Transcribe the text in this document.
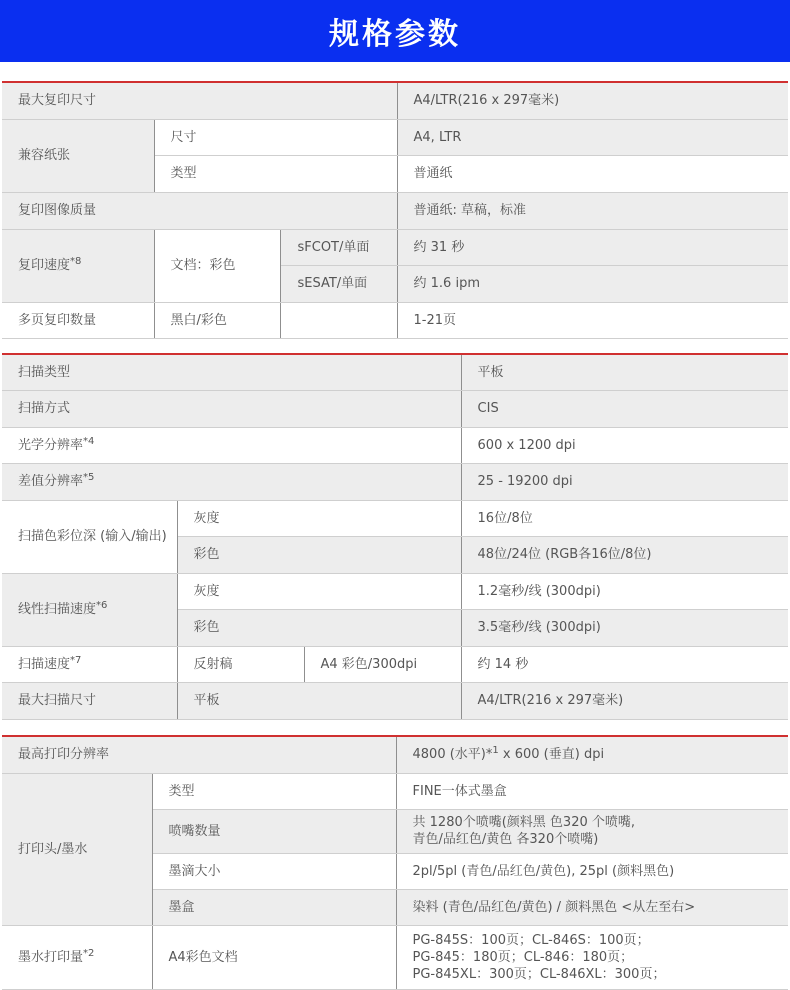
规格参数
最大复印尺寸			A4/LTR(216 x 297毫米)
兼容纸张	尺寸		A4, LTR
	类型		普通纸
复印图像质量			普通纸: 草稿，标准
复印速度$^{*8}$	文档：彩色	sFCOT/单面	约 31 秒
		sESAT/单面	约 1.6 ipm
多页复印数量	黑白/彩色		1-21页
扫描类型			平板
扫描方式			CIS
光学分辨率$^{*4}$			600 x 1200 dpi
差值分辨率$^{*5}$			25 - 19200 dpi
扫描色彩位深 (输入/输出)	灰度		16位/8位
	彩色		48位/24位 (RGB各16位/8位)
线性扫描速度$^{*6}$	灰度		1.2毫秒/线 (300dpi)
	彩色		3.5毫秒/线 (300dpi)
扫描速度$^{*7}$	反射稿	A4 彩色/300dpi	约 14 秒
最大扫描尺寸	平板		A4/LTR(216 x 297毫米)
最高打印分辨率		4800 (水平)*$^1$ x 600 (垂直) dpi
打印头/墨水	类型	FINE一体式墨盒
	喷嘴数量	共 1280个喷嘴(颜料黑 色320 个喷嘴,
青色/品红色/黄色 各320个喷嘴)

	墨滴大小	2pl/5pl (青色/品红色/黄色), 25pl (颜料黑色)
	墨盒	染料 (青色/品红色/黄色) / 颜料黑色 <从左至右>
墨水打印量$^{*2}$	A4彩色文档	PG-845S：100页；CL-846S：100页；
PG-845：180页；CL-846：180页；
PG-845XL：300页；CL-846XL：300页；
